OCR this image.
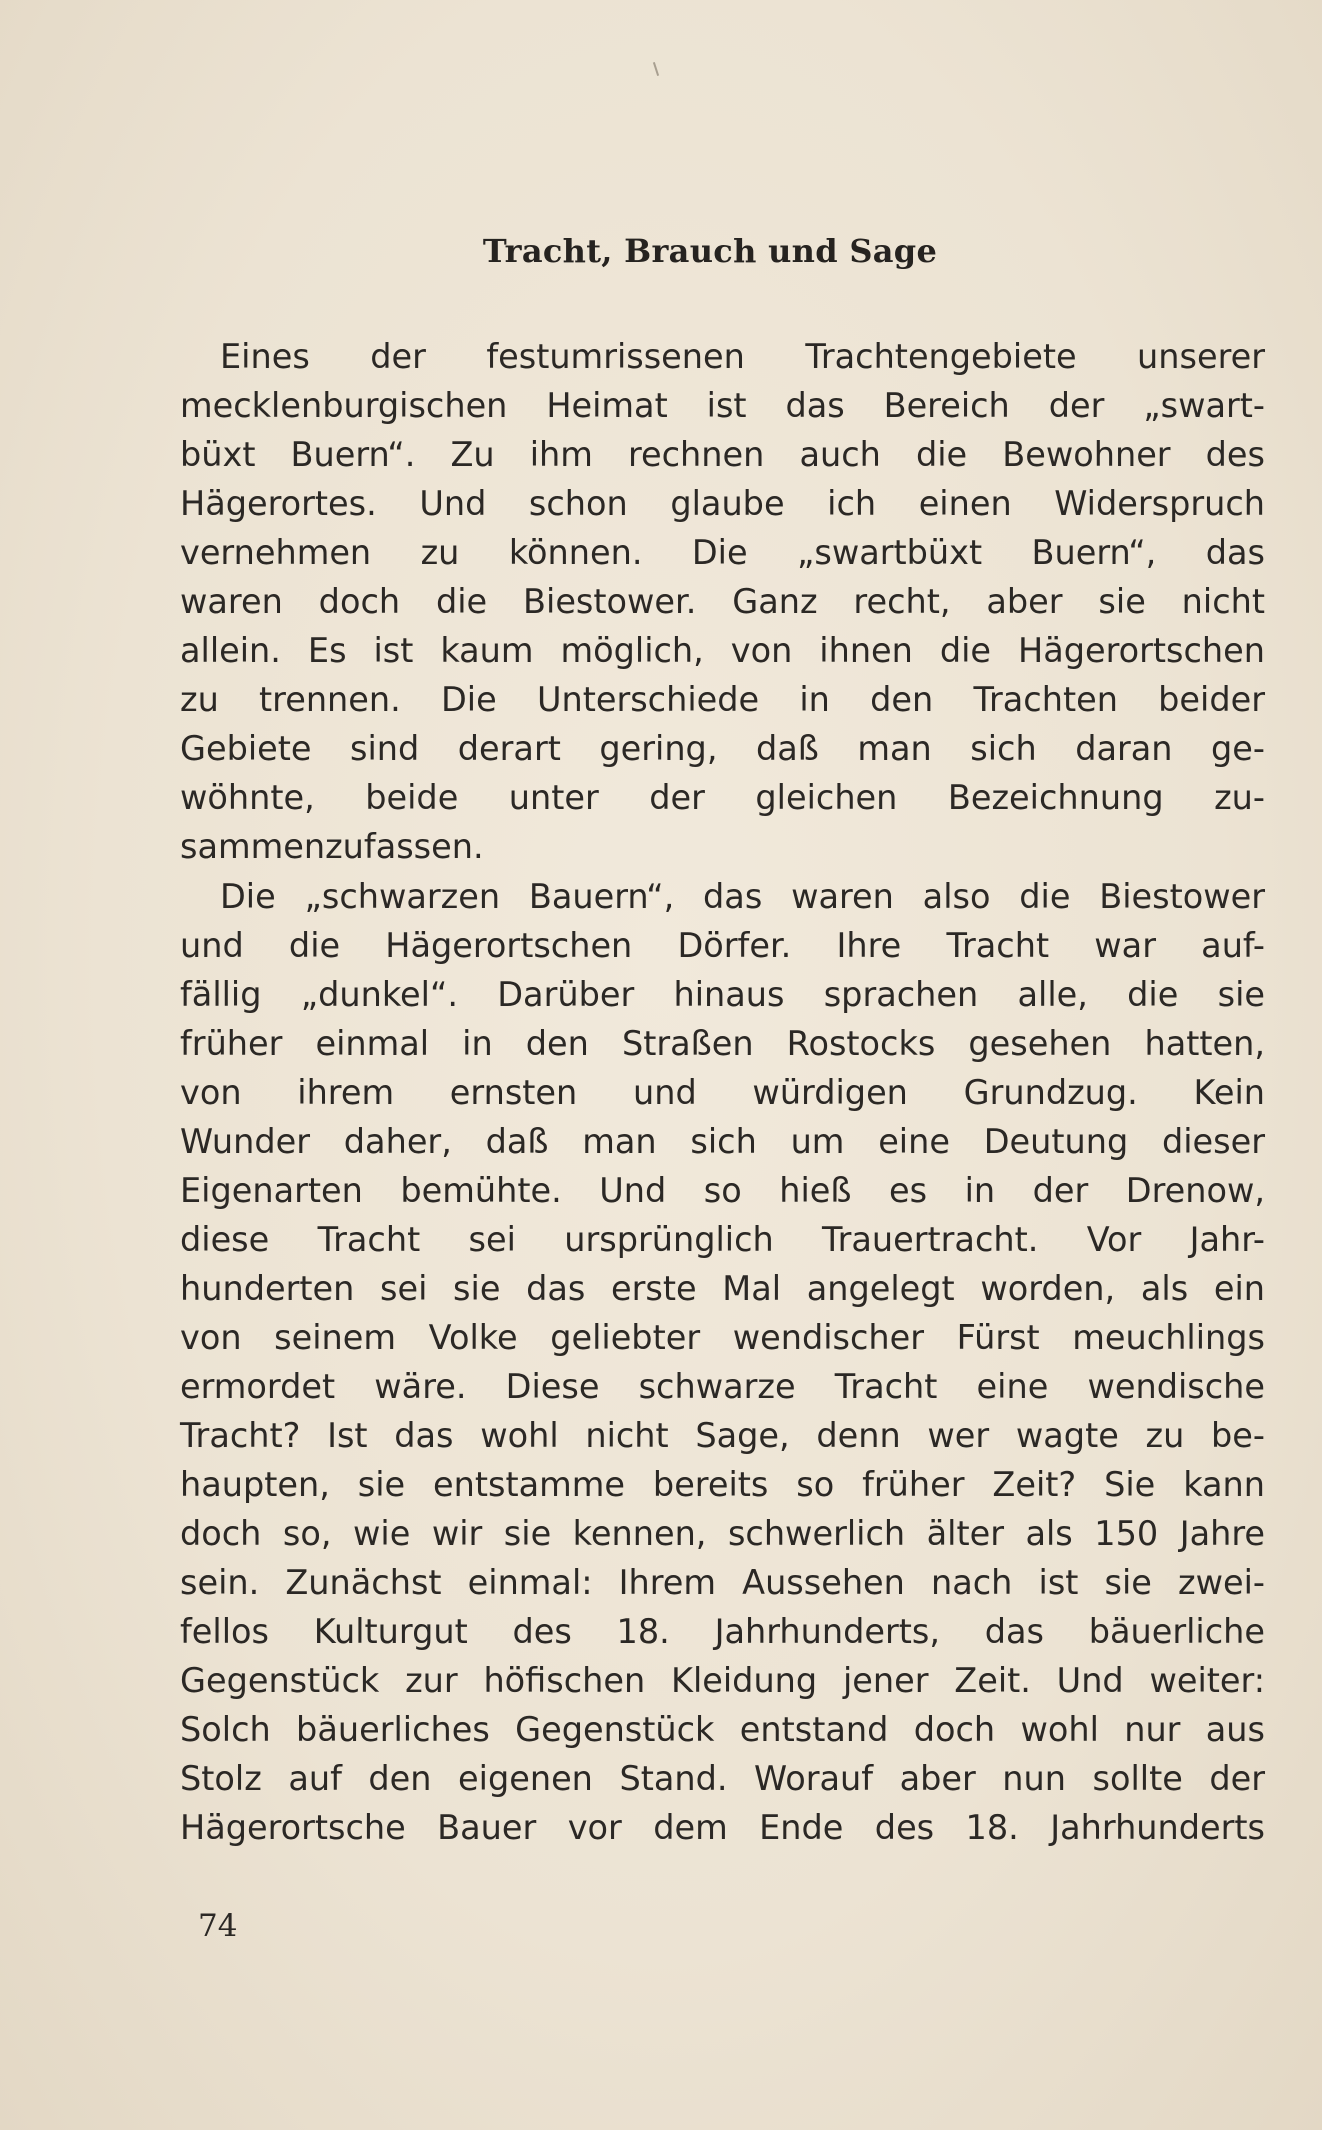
Tracht, Brauch und Sage
Eines der festumrissenen Trachtengebiete unserer
mecklenburgischen Heimat ist das Bereich der „swart-
büxt Buern“. Zu ihm rechnen auch die Bewohner des
Hägerortes. Und schon glaube ich einen Widerspruch
vernehmen zu können. Die „swartbüxt Buern“, das
waren doch die Biestower. Ganz recht, aber sie nicht
allein. Es ist kaum möglich, von ihnen die Hägerortschen
zu trennen. Die Unterschiede in den Trachten beider
Gebiete sind derart gering, daß man sich daran ge-
wöhnte, beide unter der gleichen Bezeichnung zu-
sammenzufassen.
Die „schwarzen Bauern“, das waren also die Biestower
und die Hägerortschen Dörfer. Ihre Tracht war auf-
fällig „dunkel“. Darüber hinaus sprachen alle, die sie
früher einmal in den Straßen Rostocks gesehen hatten,
von ihrem ernsten und würdigen Grundzug. Kein
Wunder daher, daß man sich um eine Deutung dieser
Eigenarten bemühte. Und so hieß es in der Drenow,
diese Tracht sei ursprünglich Trauertracht. Vor Jahr-
hunderten sei sie das erste Mal angelegt worden, als ein
von seinem Volke geliebter wendischer Fürst meuchlings
ermordet wäre. Diese schwarze Tracht eine wendische
Tracht? Ist das wohl nicht Sage, denn wer wagte zu be-
haupten, sie entstamme bereits so früher Zeit? Sie kann
doch so, wie wir sie kennen, schwerlich älter als 150 Jahre
sein. Zunächst einmal: Ihrem Aussehen nach ist sie zwei-
fellos Kulturgut des 18. Jahrhunderts, das bäuerliche
Gegenstück zur höfischen Kleidung jener Zeit. Und weiter:
Solch bäuerliches Gegenstück entstand doch wohl nur aus
Stolz auf den eigenen Stand. Worauf aber nun sollte der
Hägerortsche Bauer vor dem Ende des 18. Jahrhunderts
74
